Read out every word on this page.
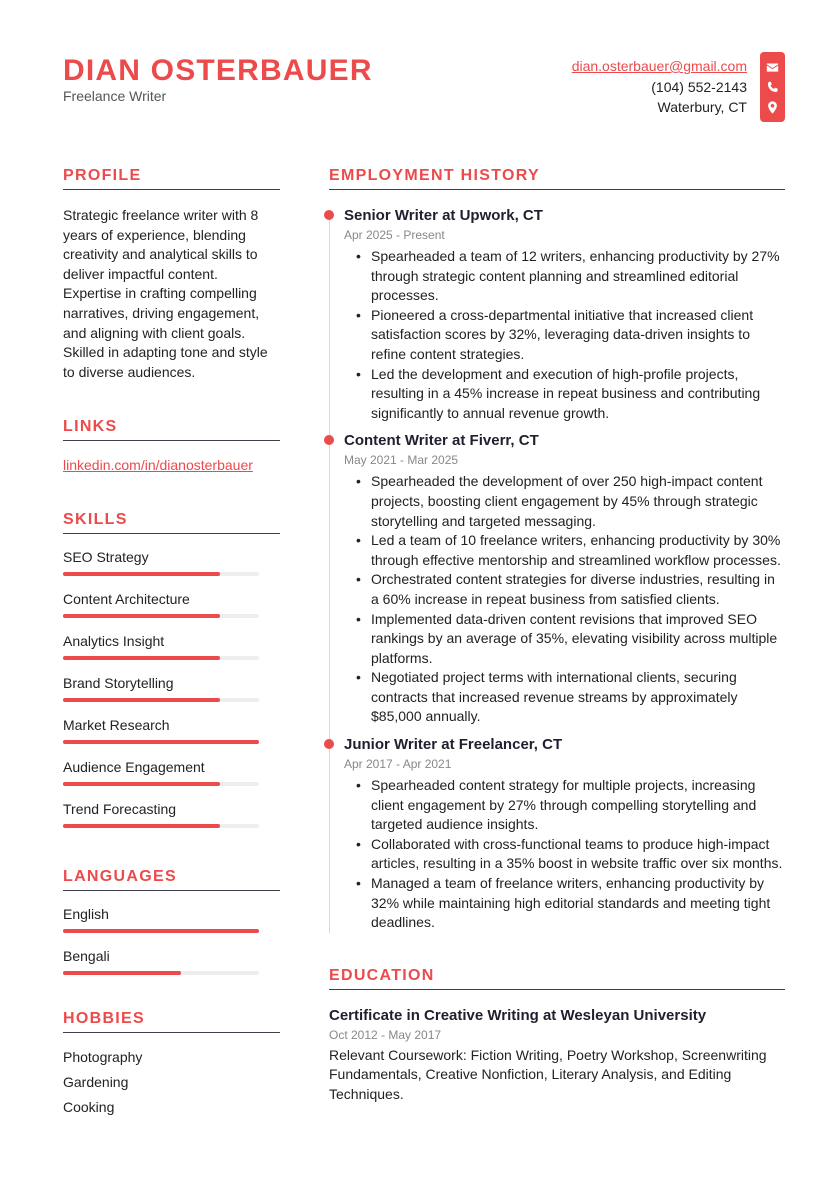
DIAN OSTERBAUER
Freelance Writer
dian.osterbauer@gmail.com
(104) 552-2143
Waterbury, CT
PROFILE
Strategic freelance writer with 8 years of experience, blending creativity and analytical skills to deliver impactful content. Expertise in crafting compelling narratives, driving engagement, and aligning with client goals. Skilled in adapting tone and style to diverse audiences.
LINKS
linkedin.com/in/dianosterbauer
SKILLS
SEO Strategy
Content Architecture
Analytics Insight
Brand Storytelling
Market Research
Audience Engagement
Trend Forecasting
LANGUAGES
English
Bengali
HOBBIES
Photography
Gardening
Cooking
EMPLOYMENT HISTORY
Senior Writer at Upwork, CT
Apr 2025 - Present
• Spearheaded a team of 12 writers, enhancing productivity by 27% through strategic content planning and streamlined editorial processes.
• Pioneered a cross-departmental initiative that increased client satisfaction scores by 32%, leveraging data-driven insights to refine content strategies.
• Led the development and execution of high-profile projects, resulting in a 45% increase in repeat business and contributing significantly to annual revenue growth.
Content Writer at Fiverr, CT
May 2021 - Mar 2025
• Spearheaded the development of over 250 high-impact content projects, boosting client engagement by 45% through strategic storytelling and targeted messaging.
• Led a team of 10 freelance writers, enhancing productivity by 30% through effective mentorship and streamlined workflow processes.
• Orchestrated content strategies for diverse industries, resulting in a 60% increase in repeat business from satisfied clients.
• Implemented data-driven content revisions that improved SEO rankings by an average of 35%, elevating visibility across multiple platforms.
• Negotiated project terms with international clients, securing contracts that increased revenue streams by approximately $85,000 annually.
Junior Writer at Freelancer, CT
Apr 2017 - Apr 2021
• Spearheaded content strategy for multiple projects, increasing client engagement by 27% through compelling storytelling and targeted audience insights.
• Collaborated with cross-functional teams to produce high-impact articles, resulting in a 35% boost in website traffic over six months.
• Managed a team of freelance writers, enhancing productivity by 32% while maintaining high editorial standards and meeting tight deadlines.
EDUCATION
Certificate in Creative Writing at Wesleyan University
Oct 2012 - May 2017
Relevant Coursework: Fiction Writing, Poetry Workshop, Screenwriting Fundamentals, Creative Nonfiction, Literary Analysis, and Editing Techniques.
